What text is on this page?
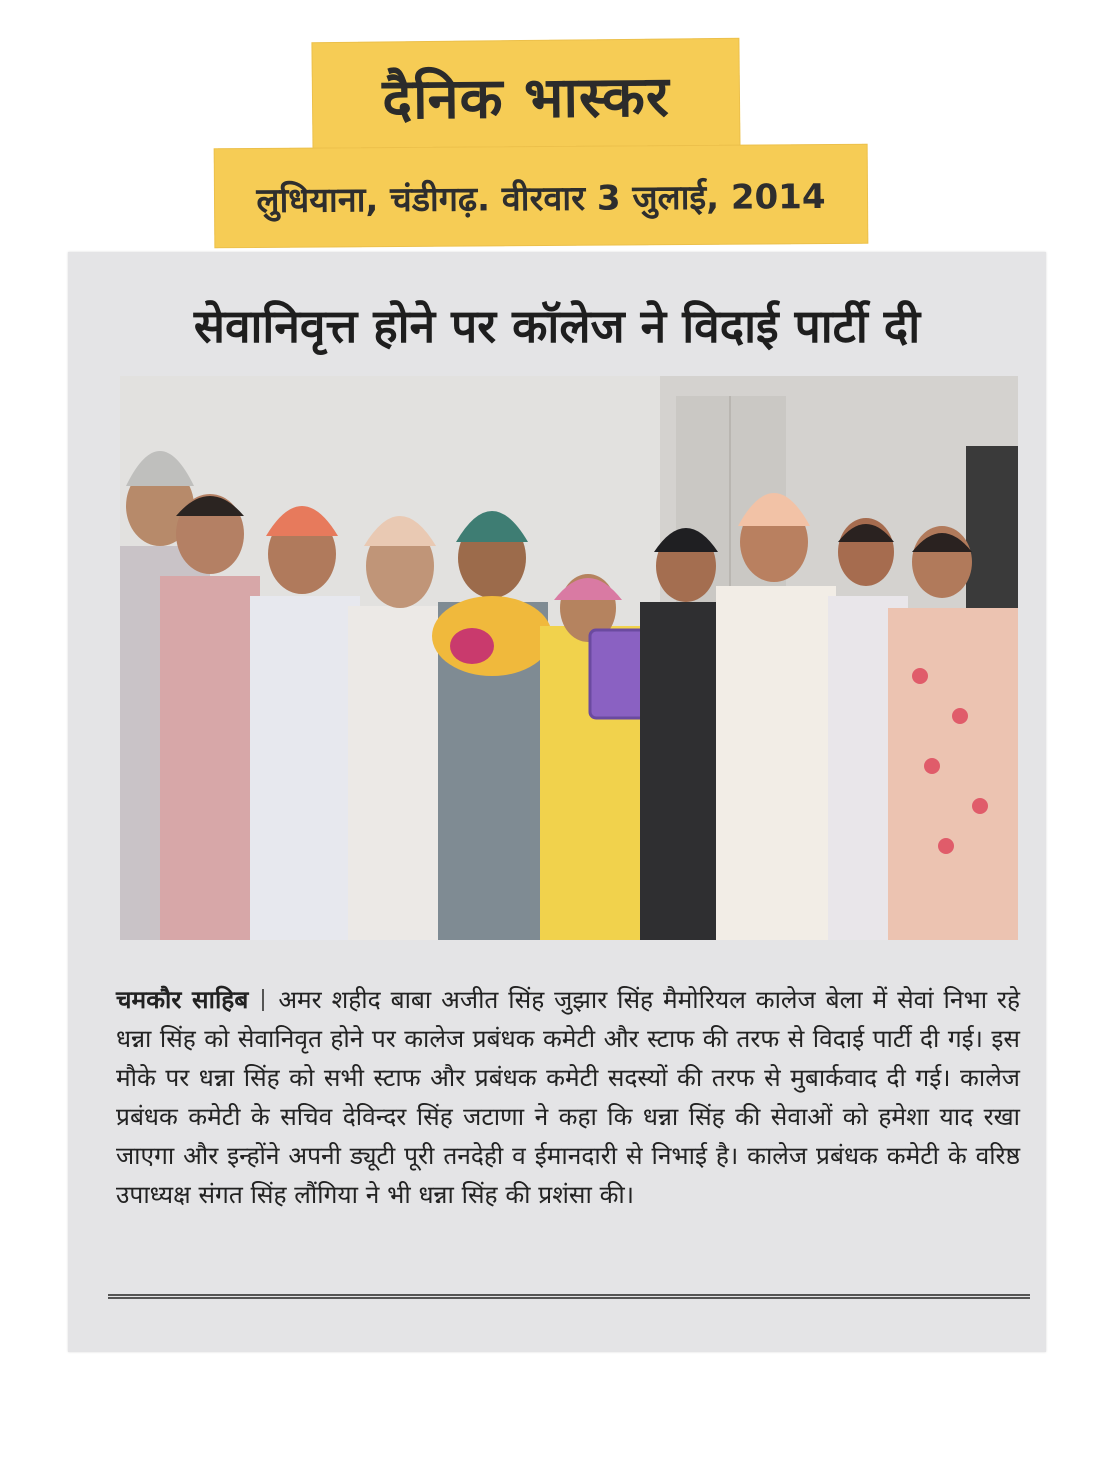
दैनिक भास्कर
लुधियाना, चंडीगढ़. वीरवार 3 जुलाई, 2014
सेवानिवृत्त होने पर कॉलेज ने विदाई पार्टी दी
चमकौर साहिब अमर शहीद बाबा अजीत सिंह जुझार सिंह मैमोरियल कालेज बेला में सेवां निभा रहे धन्ना सिंह को सेवानिवृत होने पर कालेज प्रबंधक कमेटी और स्टाफ की तरफ से विदाई पार्टी दी गई। इस मौके पर धन्ना सिंह को सभी स्टाफ और प्रबंधक कमेटी सदस्यों की तरफ से मुबार्कवाद दी गई। कालेज प्रबंधक कमेटी के सचिव देविन्दर सिंह जटाणा ने कहा कि धन्ना सिंह की सेवाओं को हमेशा याद रखा जाएगा और इन्होंने अपनी ड्यूटी पूरी तनदेही व ईमानदारी से निभाई है। कालेज प्रबंधक कमेटी के वरिष्ठ उपाध्यक्ष संगत सिंह लौंगिया ने भी धन्ना सिंह की प्रशंसा की।
